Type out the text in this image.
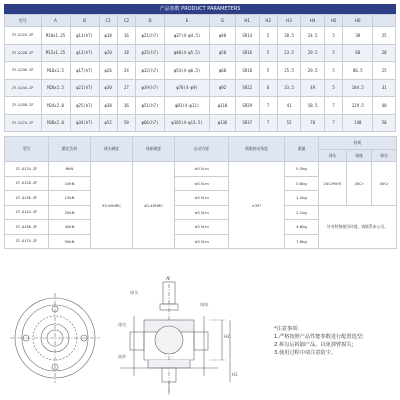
产品参数 PRODUCT PARAMETERS
型号	A	B	C1	C2	D	E	G	H1	H2	H3	H4	H5	H6	
ZY-QJ24-ZF	M10x1.25	φ11(h7)	φ18	16	φ21(h7)	φ37(4-φ4.5)	φ48	SR14	5	20.5	24.5	5	38	25
ZY-QJ28-ZF	M12x1.25	φ13(h7)	φ20	18	φ25(h7)	φ40(4-φ5.5)	φ50	SR16	5	23.5	29.5	5	68	20
ZY-QJ36-ZF	M16x1.5	φ17(h7)	φ26	24	φ32(h7)	φ54(4-φ6.5)	φ60	SR18	5	25.5	29.5	5	86.5	25
ZY-QJ44-ZF	M20x1.5	φ21(h7)	φ30	27	φ39(h7)	φ70(4-φ9)	φ92	SR22	6	33.5	49	5	104.5	31
ZY-QJ58-ZF	M24x2.0	φ25(h7)	φ38	36	φ51(h7)	φ83(4-φ11)	φ110	SR29	7	41	58.5	7	129.5	40
ZY-QJ74-ZF	M30x2.0	φ34(h7)	φ52	50	φ66(h7)	φ105(4-φ13.5)	φ136	SR37	7	52	76	7	148	50
型号	额定负荷	球头硬度	球座硬度	启动力矩	极限转动角度	重量	材质		
							球头	球座	球壳
ZY-QJ24-ZF	6kN	55-60HRC	40-45HRC	≤5 N.m	±35°	0.3kg	20CrMnTi	40Cr	40Cr
ZY-QJ28-ZF	10kN			≤5 N.m		0.8kg			
ZY-QJ36-ZF	12kN			≤5 N.m		1.2kg			
ZY-QJ44-ZF	25kN			≤5 N.m		2.1kg	针对特殊使用环境，请联系本公司。		
ZY-QJ58-ZF	40kN			≤5 N.m		4.6kg			
ZY-QJ74-ZF	50kN			≤5 N.m		7.8kg			
A
球头
球座
球壳
油杯
H2
H1
*注意事项:
1.严格按照产品性能参数进行配置选型;
2.拆勾后拆卸产品，以免掉臂损失;
3.使用过程中请注意防尘。
